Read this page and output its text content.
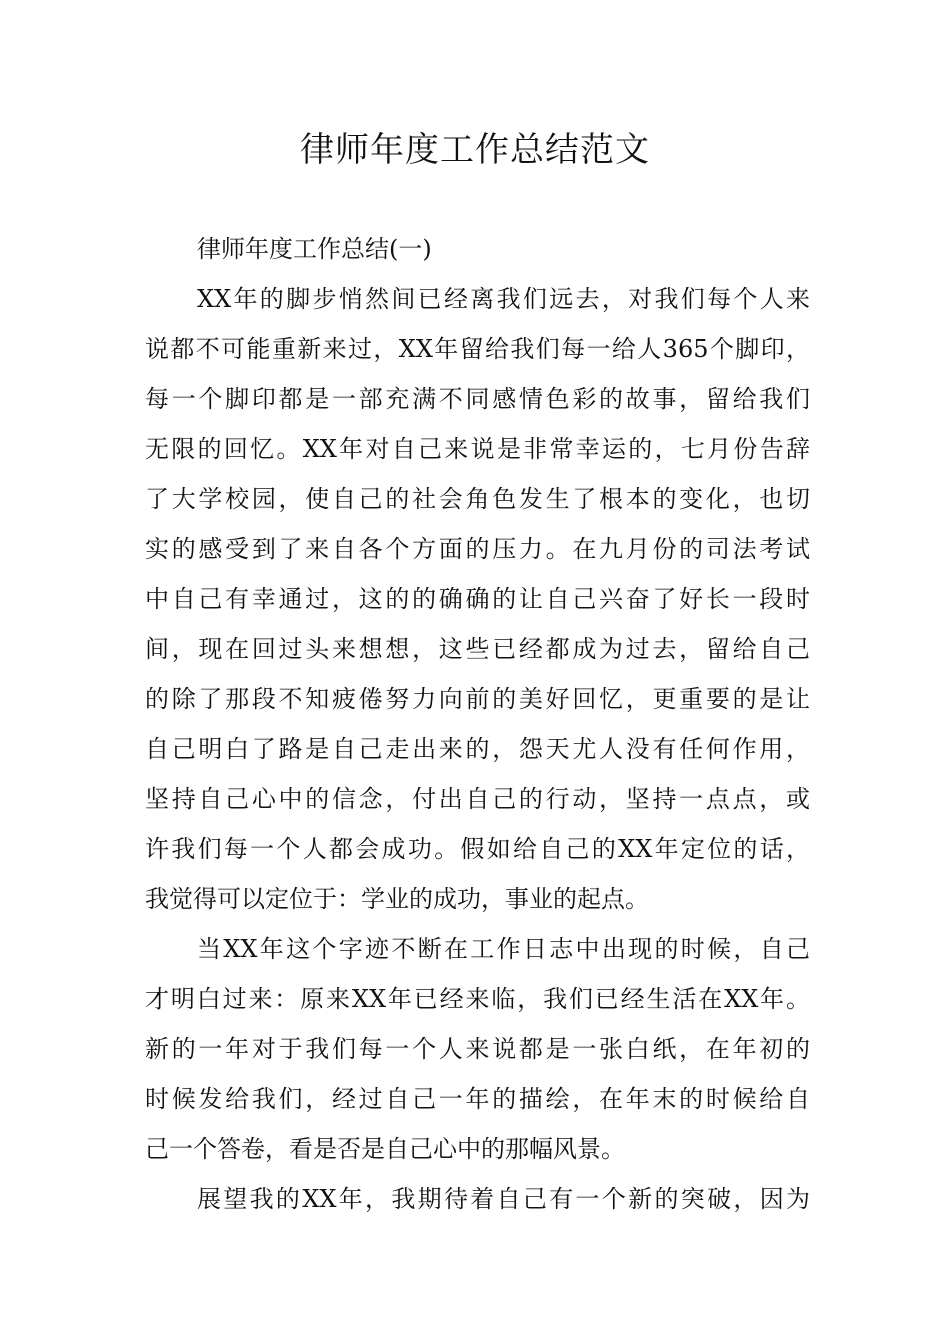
律师年度工作总结范文
律师年度工作总结(一)

XX年的脚步悄然间已经离我们远去，对我们每个人来
说都不可能重新来过，XX年留给我们每一给人365个脚印，
每一个脚印都是一部充满不同感情色彩的故事，留给我们
无限的回忆。XX年对自己来说是非常幸运的，七月份告辞
了大学校园，使自己的社会角色发生了根本的变化，也切
实的感受到了来自各个方面的压力。在九月份的司法考试
中自己有幸通过，这的的确确的让自己兴奋了好长一段时
间，现在回过头来想想，这些已经都成为过去，留给自己
的除了那段不知疲倦努力向前的美好回忆，更重要的是让
自己明白了路是自己走出来的，怨天尤人没有任何作用，
坚持自己心中的信念，付出自己的行动，坚持一点点，或
许我们每一个人都会成功。假如给自己的XX年定位的话，
我觉得可以定位于：学业的成功，事业的起点。

当XX年这个字迹不断在工作日志中出现的时候，自己
才明白过来：原来XX年已经来临，我们已经生活在XX年。
新的一年对于我们每一个人来说都是一张白纸，在年初的
时候发给我们，经过自己一年的描绘，在年末的时候给自
己一个答卷，看是否是自己心中的那幅风景。

展望我的XX年，我期待着自己有一个新的突破，因为
